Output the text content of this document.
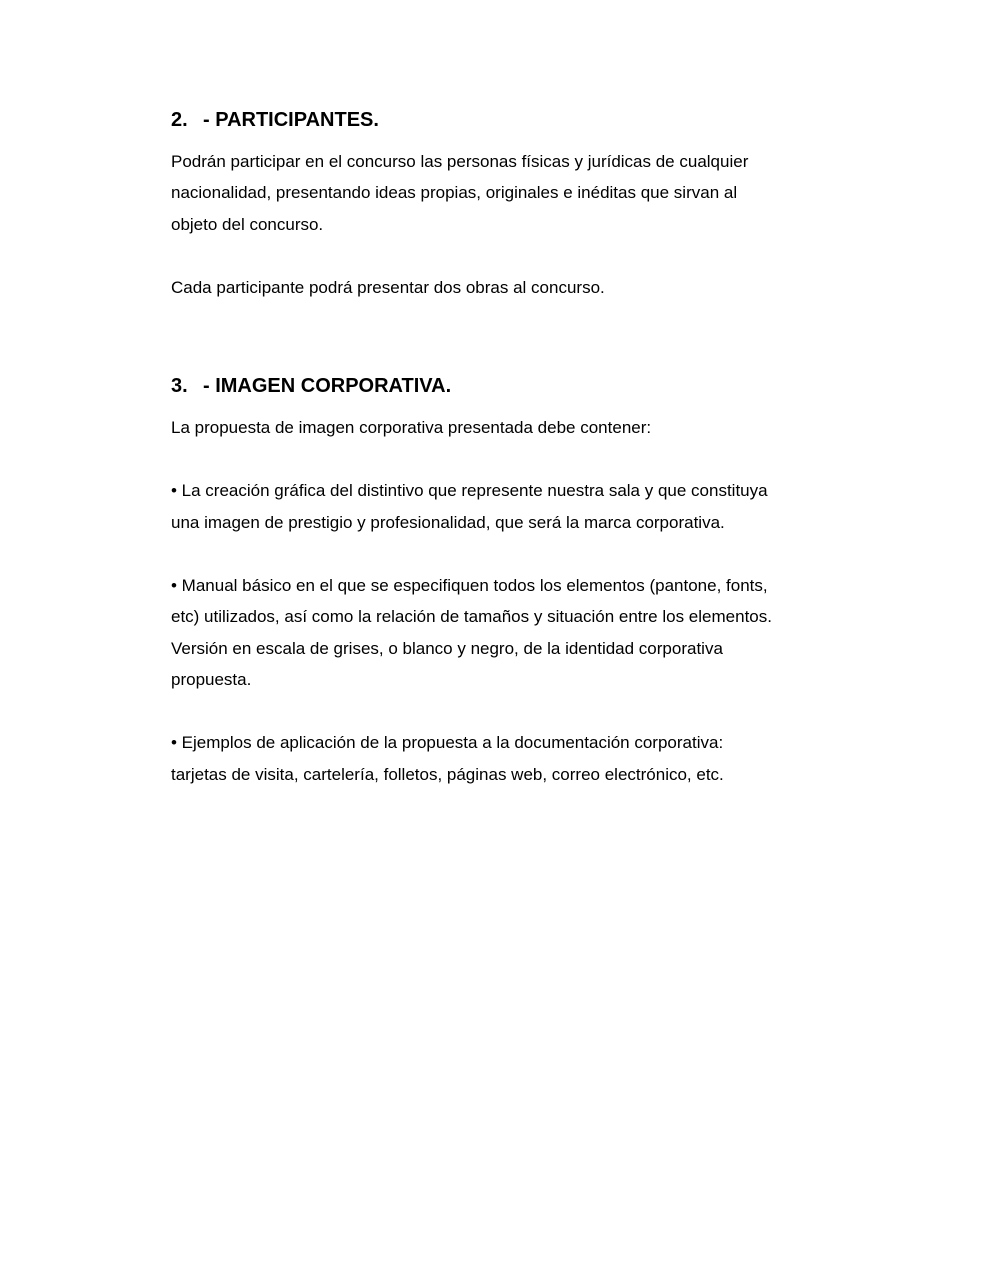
2. - PARTICIPANTES.

Podrán participar en el concurso las personas físicas y jurídicas de cualquier
nacionalidad, presentando ideas propias, originales e inéditas que sirvan al
objeto del concurso.

Cada participante podrá presentar dos obras al concurso.

3. - IMAGEN CORPORATIVA.

La propuesta de imagen corporativa presentada debe contener:

• La creación gráfica del distintivo que represente nuestra sala y que constituya
una imagen de prestigio y profesionalidad, que será la marca corporativa.

• Manual básico en el que se especifiquen todos los elementos (pantone, fonts,
etc) utilizados, así como la relación de tamaños y situación entre los elementos.
Versión en escala de grises, o blanco y negro, de la identidad corporativa
propuesta.

• Ejemplos de aplicación de la propuesta a la documentación corporativa:
tarjetas de visita, cartelería, folletos, páginas web, correo electrónico, etc.
